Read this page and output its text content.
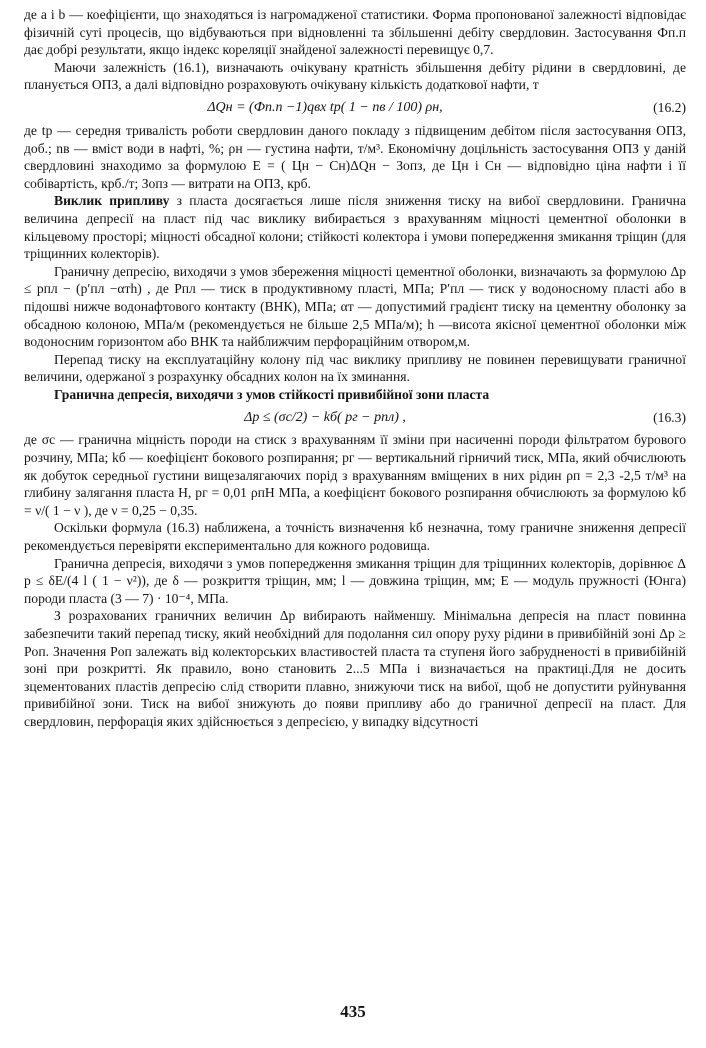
де a і b — коефіцієнти, що знаходяться із нагромадженої статистики. Форма пропонованої залежності відповідає фізичній суті процесів, що відбуваються при відновленні та збільшенні дебіту свердловин. Застосування Фп.п дає добрі результати, якщо індекс кореляції знайденої залежності перевищує 0,7.

Маючи залежність (16.1), визначають очікувану кратність збільшення дебіту рідини в свердловині, де планується ОПЗ, а далі відповідно розраховують очікувану кількість додаткової нафти, т

ΔQн = (Фп.п −1)qвх tр( 1 − nв / 100) ρн,	(16.2)

де tр — середня тривалість роботи свердловин даного покладу з підвищеним дебітом після застосування ОПЗ, доб.; nв — вміст води в нафті, %; ρн — густина нафти, т/м³. Економічну доцільність застосування ОПЗ у даній свердловині знаходимо за формулою Е = ( Цн − Сн)ΔQн − Зопз, де Цн і Сн — відповідно ціна нафти і її собівартість, крб./т; Зопз — витрати на ОПЗ, крб.

Виклик припливу з пласта досягається лише після зниження тиску на вибої свердловини. Гранична величина депресії на пласт під час виклику вибирається з врахуванням міцності цементної оболонки в кільцевому просторі; міцності обсадної колони; стійкості колектора і умови попередження змикання тріщин (для тріщинних колекторів).

Граничну депресію, виходячи з умов збереження міцності цементної оболонки, визначають за формулою Δp ≤ pпл − (p′пл −αтh) , де Pпл — тиск в продуктивному пласті, МПа; P′пл — тиск у водоносному пласті або в підошві нижче водонафтового контакту (ВНК), МПа; αт — допустимий градієнт тиску на цементну оболонку за обсадною колоною, МПа/м (рекомендується не більше 2,5 МПа/м); h —висота якісної цементної оболонки між водоносним горизонтом або ВНК та найближчим перфораційним отвором,м.

Перепад тиску на експлуатаційну колону під час виклику припливу не повинен перевищувати граничної величини, одержаної з розрахунку обсадних колон на їх зминання.

Гранична депресія, виходячи з умов стійкості привибійної зони пласта

Δp ≤ (σс/2) − kб( pг − pпл) ,	(16.3)

де σс — гранична міцність породи на стиск з врахуванням її зміни при насиченні породи фільтратом бурового розчину, МПа; kб — коефіцієнт бокового розпирання; pг — вертикальний гірничий тиск, МПа, який обчислюють як добуток середньої густини вищезалягаючих порід з врахуванням вміщених в них рідин ρп = 2,3 -2,5 т/м³ на глибину залягання пласта Н, pг = 0,01 ρпH МПа, а коефіцієнт бокового розпирання обчислюють за формулою kб = ν/( 1 − ν ), де ν = 0,25 − 0,35.

Оскільки формула (16.3) наближена, а точність визначення kб незначна, тому граничне зниження депресії рекомендується перевіряти експериментально для кожного родовища.

Гранична депресія, виходячи з умов попередження змикання тріщин для тріщинних колекторів, дорівнює Δ p ≤ δE/(4 l ( 1 − ν²)), де δ — розкриття тріщин, мм; l — довжина тріщин, мм; E — модуль пружності (Юнга) породи пласта (3 — 7) · 10⁻⁴, МПа.

З розрахованих граничних величин Δp вибирають найменшу. Мінімальна депресія на пласт повинна забезпечити такий перепад тиску, який необхідний для подолання сил опору руху рідини в привибійній зоні Δp ≥ Pоп. Значення Pоп залежать від колекторських властивостей пласта та ступеня його забрудненості в привибійній зоні при розкритті. Як правило, воно становить 2...5 МПа і визначається на практиці.Для не досить зцементованих пластів депресію слід створити плавно, знижуючи тиск на вибої, щоб не допустити руйнування привибійної зони. Тиск на вибої знижують до появи припливу або до граничної депресії на пласт. Для свердловин, перфорація яких здійснюється з депресією, у випадку відсутності

435
